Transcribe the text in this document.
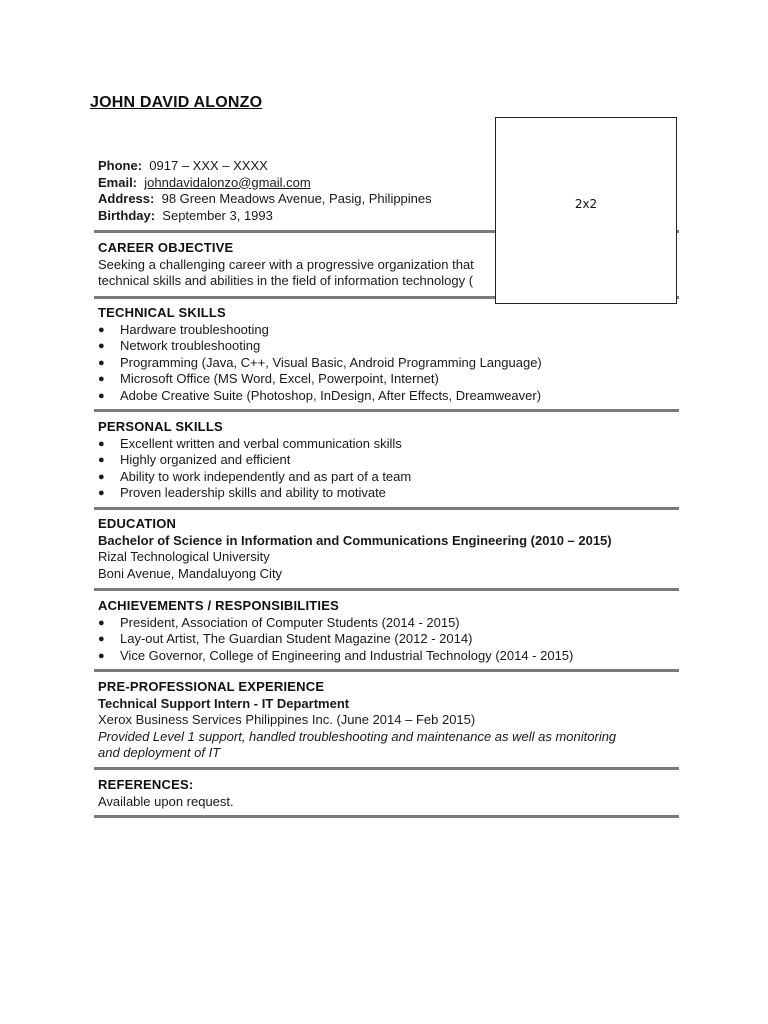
JOHN DAVID ALONZO
2x2
Phone: 0917 – XXX – XXXX
Email: johndavidalonzo@gmail.com
Address: 98 Green Meadows Avenue, Pasig, Philippines
Birthday: September 3, 1993
CAREER OBJECTIVE

Seeking a challenging career with a progressive organization that

technical skills and abilities in the field of information technology (

TECHNICAL SKILLS
● Hardware troubleshooting
● Network troubleshooting
● Programming (Java, C++, Visual Basic, Android Programming Language)
● Microsoft Office (MS Word, Excel, Powerpoint, Internet)
● Adobe Creative Suite (Photoshop, InDesign, After Effects, Dreamweaver)
PERSONAL SKILLS
● Excellent written and verbal communication skills
● Highly organized and efficient
● Ability to work independently and as part of a team
● Proven leadership skills and ability to motivate
EDUCATION

Bachelor of Science in Information and Communications Engineering (2010 – 2015)

Rizal Technological University

Boni Avenue, Mandaluyong City

ACHIEVEMENTS / RESPONSIBILITIES
● President, Association of Computer Students (2014 - 2015)
● Lay-out Artist, The Guardian Student Magazine (2012 - 2014)
● Vice Governor, College of Engineering and Industrial Technology (2014 - 2015)
PRE-PROFESSIONAL EXPERIENCE

Technical Support Intern - IT Department

Xerox Business Services Philippines Inc. (June 2014 – Feb 2015)

Provided Level 1 support, handled troubleshooting and maintenance as well as monitoring

and deployment of IT

REFERENCES:

Available upon request.
